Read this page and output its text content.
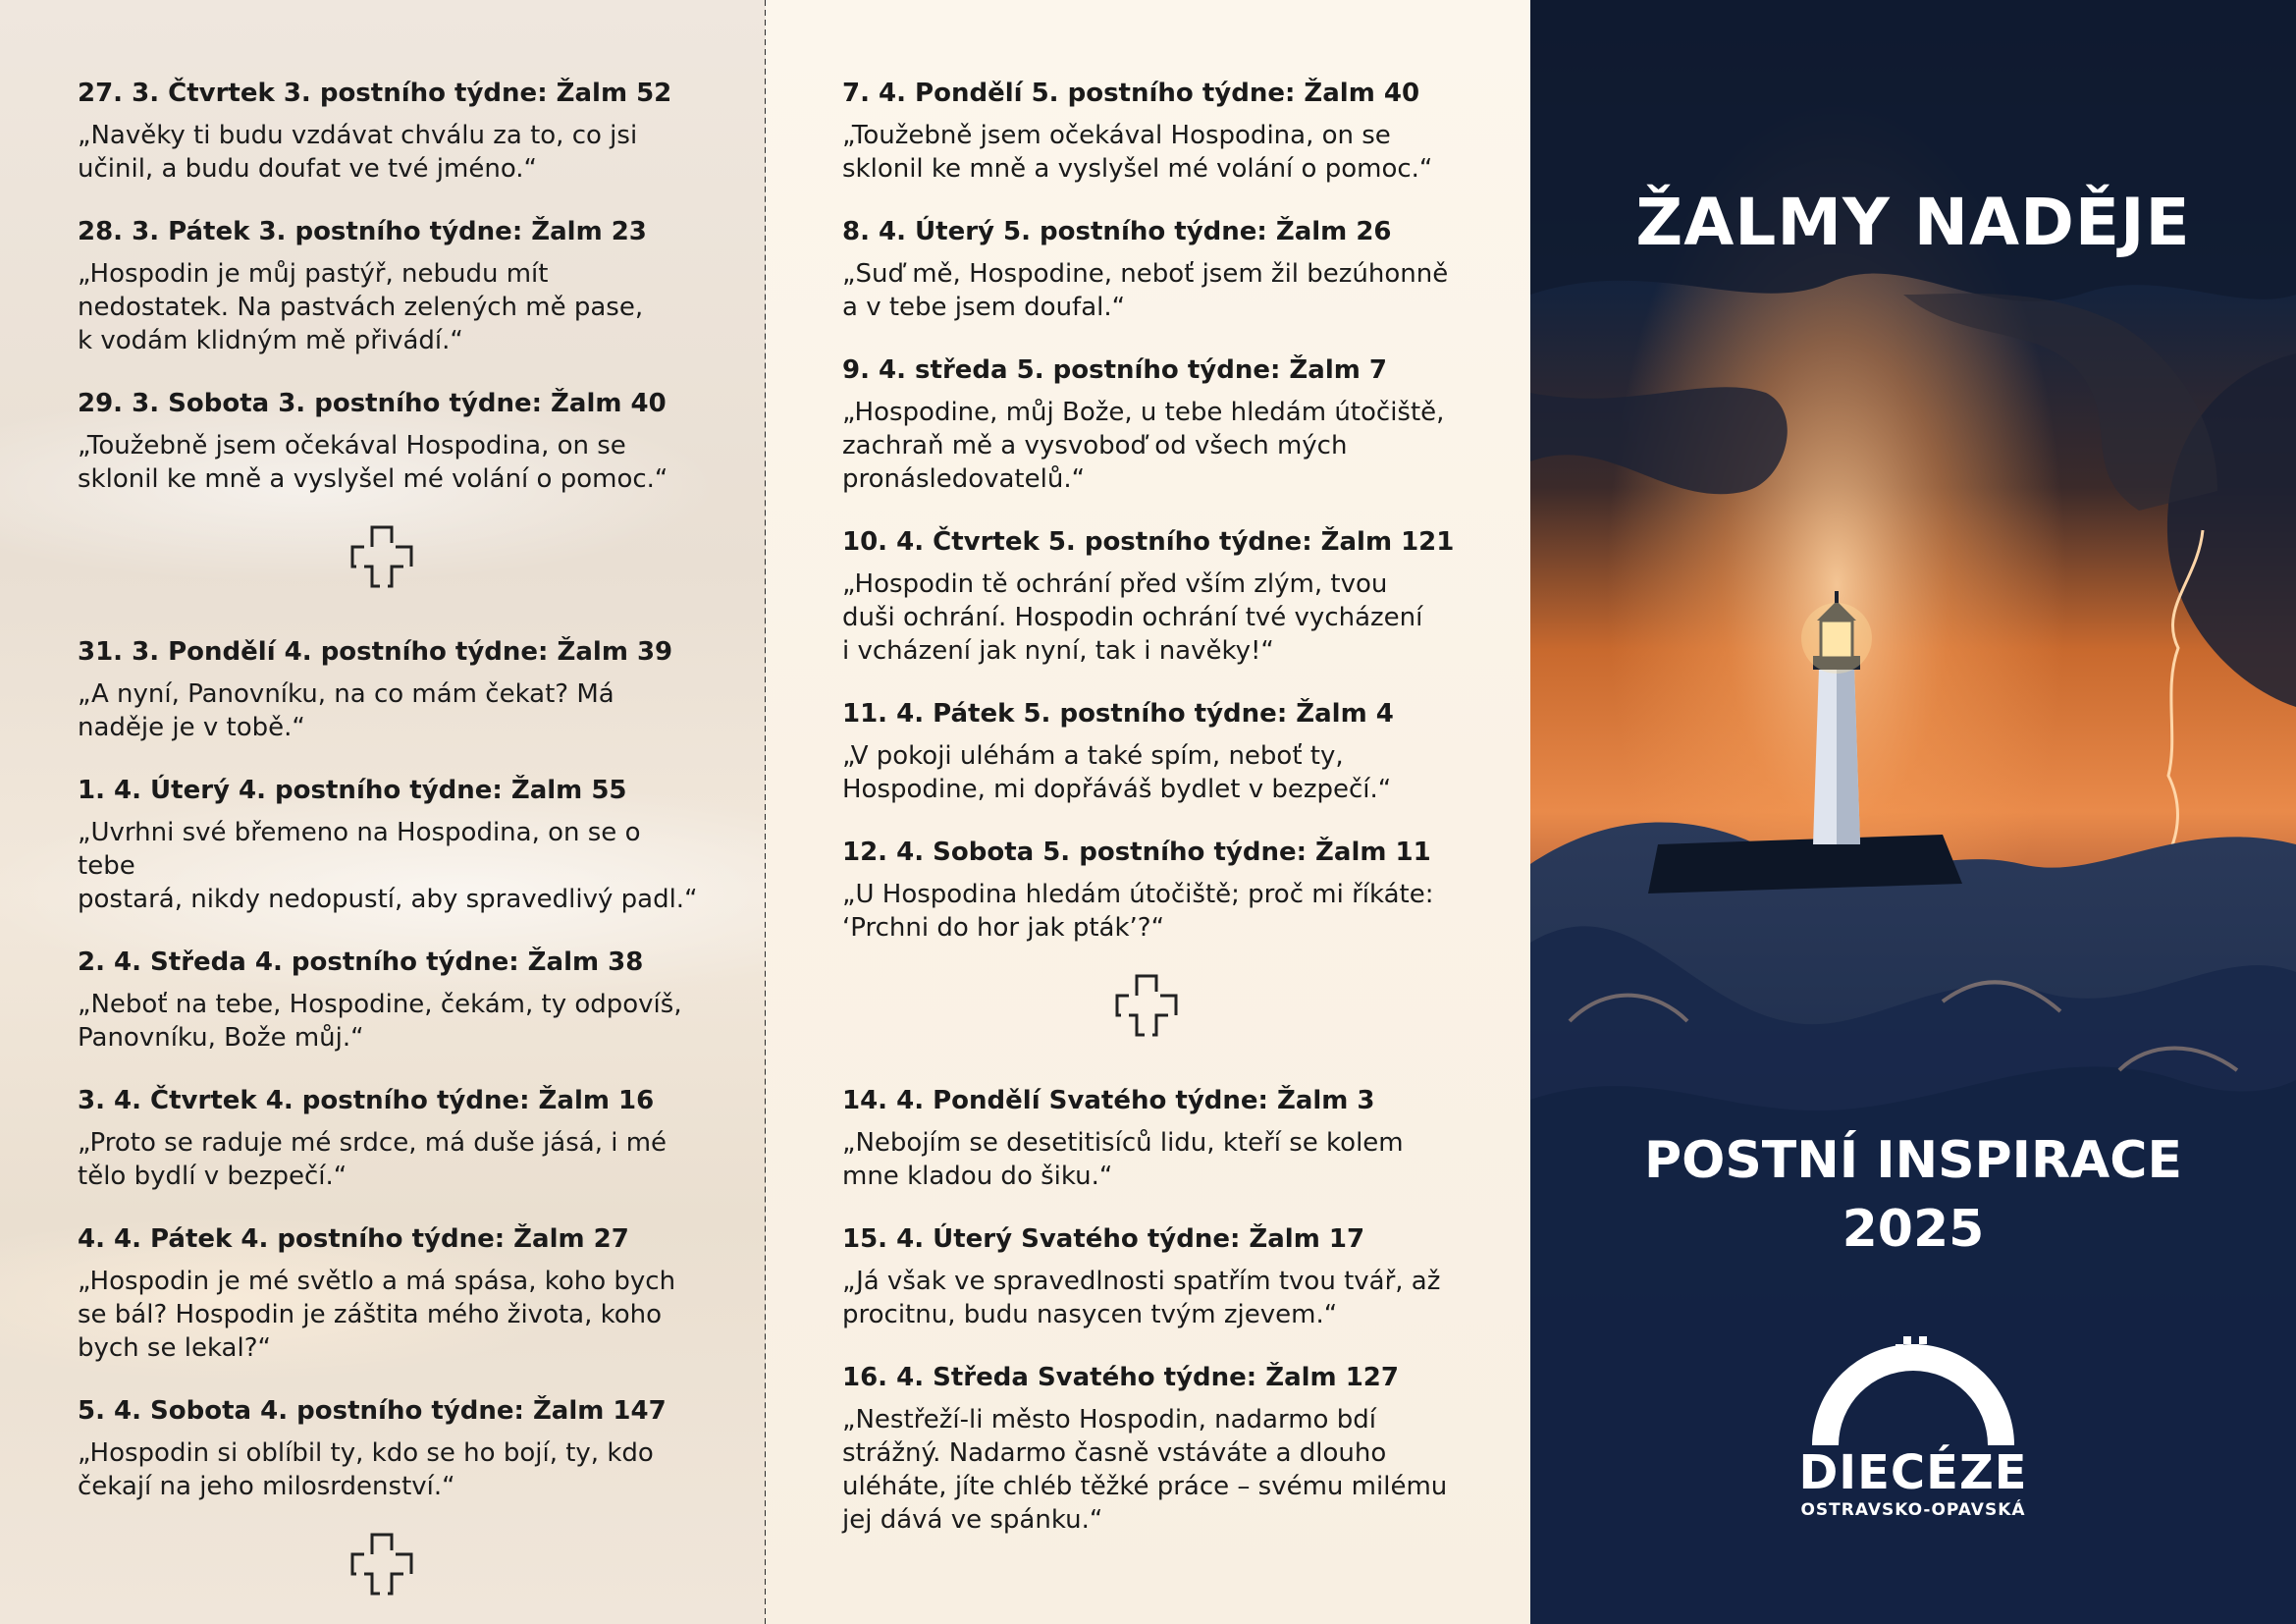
27. 3. Čtvrtek 3. postního týdne: Žalm 52

„Navěky ti budu vzdávat chválu za to, co jsi
učinil, a budu doufat ve tvé jméno.“

28. 3. Pátek 3. postního týdne: Žalm 23

„Hospodin je můj pastýř, nebudu mít
nedostatek. Na pastvách zelených mě pase,
k vodám klidným mě přivádí.“

29. 3. Sobota 3. postního týdne: Žalm 40

„Toužebně jsem očekával Hospodina, on se
sklonil ke mně a vyslyšel mé volání o pomoc.“

31. 3. Pondělí 4. postního týdne: Žalm 39

„A nyní, Panovníku, na co mám čekat? Má
naděje je v tobě.“

1. 4. Úterý 4. postního týdne: Žalm 55

„Uvrhni své břemeno na Hospodina, on se o tebe
postará, nikdy nedopustí, aby spravedlivý padl.“

2. 4. Středa 4. postního týdne: Žalm 38

„Neboť na tebe, Hospodine, čekám, ty odpovíš,
Panovníku, Bože můj.“

3. 4. Čtvrtek 4. postního týdne: Žalm 16

„Proto se raduje mé srdce, má duše jásá, i mé
tělo bydlí v bezpečí.“

4. 4. Pátek 4. postního týdne: Žalm 27

„Hospodin je mé světlo a má spása, koho bych
se bál? Hospodin je záštita mého života, koho
bych se lekal?“

5. 4. Sobota 4. postního týdne: Žalm 147

„Hospodin si oblíbil ty, kdo se ho bojí, ty, kdo
čekají na jeho milosrdenství.“

7. 4. Pondělí 5. postního týdne: Žalm 40

„Toužebně jsem očekával Hospodina, on se
sklonil ke mně a vyslyšel mé volání o pomoc.“

8. 4. Úterý 5. postního týdne: Žalm 26

„Suď mě, Hospodine, neboť jsem žil bezúhonně
a v tebe jsem doufal.“

9. 4. středa 5. postního týdne: Žalm 7

„Hospodine, můj Bože, u tebe hledám útočiště,
zachraň mě a vysvoboď od všech mých
pronásledovatelů.“

10. 4. Čtvrtek 5. postního týdne: Žalm 121

„Hospodin tě ochrání před vším zlým, tvou
duši ochrání. Hospodin ochrání tvé vycházení
i vcházení jak nyní, tak i navěky!“

11. 4. Pátek 5. postního týdne: Žalm 4

„V pokoji uléhám a také spím, neboť ty,
Hospodine, mi dopřáváš bydlet v bezpečí.“

12. 4. Sobota 5. postního týdne: Žalm 11

„U Hospodina hledám útočiště; proč mi říkáte:
‘Prchni do hor jak pták’?“

14. 4. Pondělí Svatého týdne: Žalm 3

„Nebojím se desetitisíců lidu, kteří se kolem
mne kladou do šiku.“

15. 4. Úterý Svatého týdne: Žalm 17

„Já však ve spravedlnosti spatřím tvou tvář, až
procitnu, budu nasycen tvým zjevem.“

16. 4. Středa Svatého týdne: Žalm 127

„Nestřeží-li město Hospodin, nadarmo bdí
strážný. Nadarmo časně vstáváte a dlouho
uléháte, jíte chléb těžké práce – svému milému
jej dává ve spánku.“

ŽALMY NADĚJE
POSTNÍ INSPIRACE
2025
DIECÉZE
OSTRAVSKO-OPAVSKÁ
